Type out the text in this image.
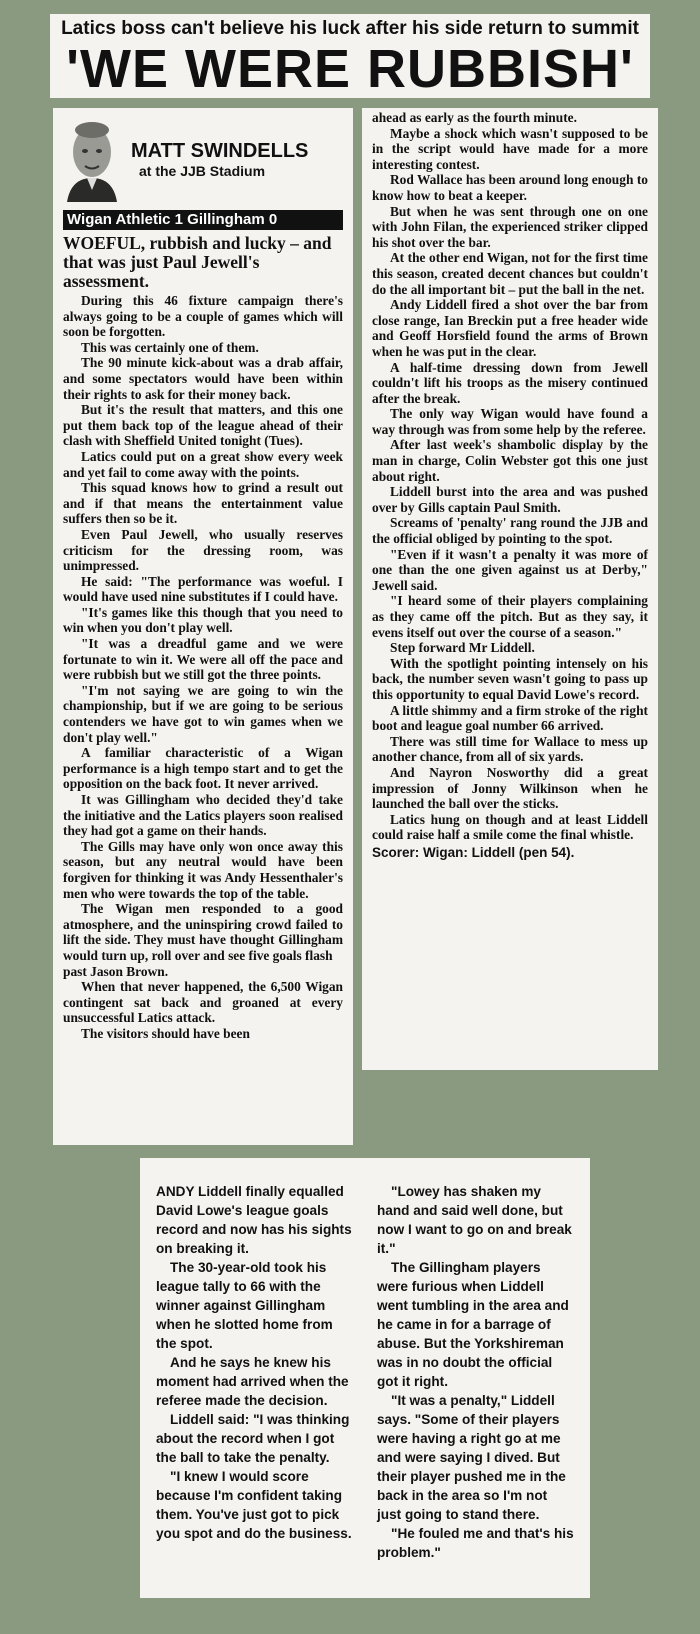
Latics boss can't believe his luck after his side return to summit
'WE WERE RUBBISH'
MATT SWINDELLS
at the JJB Stadium
Wigan Athletic 1 Gillingham 0
WOEFUL, rubbish and lucky – and that was just Paul Jewell's assessment.

During this 46 fixture campaign there's always going to be a couple of games which will soon be forgotten.

This was certainly one of them.

The 90 minute kick-about was a drab affair, and some spectators would have been within their rights to ask for their money back.

But it's the result that matters, and this one put them back top of the league ahead of their clash with Sheffield United tonight (Tues).

Latics could put on a great show every week and yet fail to come away with the points.

This squad knows how to grind a result out and if that means the entertainment value suffers then so be it.

Even Paul Jewell, who usually reserves criticism for the dressing room, was unimpressed.

He said: "The performance was woeful. I would have used nine substitutes if I could have.

"It's games like this though that you need to win when you don't play well.

"It was a dreadful game and we were fortunate to win it. We were all off the pace and were rubbish but we still got the three points.

"I'm not saying we are going to win the championship, but if we are going to be serious contenders we have got to win games when we don't play well."

A familiar characteristic of a Wigan performance is a high tempo start and to get the opposition on the back foot. It never arrived.

It was Gillingham who decided they'd take the initiative and the Latics players soon realised they had got a game on their hands.

The Gills may have only won once away this season, but any neutral would have been forgiven for thinking it was Andy Hessenthaler's men who were towards the top of the table.

The Wigan men responded to a good atmosphere, and the uninspiring crowd failed to lift the side. They must have thought Gillingham would turn up, roll over and see five goals flash

past Jason Brown.

When that never happened, the 6,500 Wigan contingent sat back and groaned at every unsuccessful Latics attack.

The visitors should have been

ahead as early as the fourth minute.

Maybe a shock which wasn't supposed to be in the script would have made for a more interesting contest.

Rod Wallace has been around long enough to know how to beat a keeper.

But when he was sent through one on one with John Filan, the experienced striker clipped his shot over the bar.

At the other end Wigan, not for the first time this season, created decent chances but couldn't do the all important bit – put the ball in the net.

Andy Liddell fired a shot over the bar from close range, Ian Breckin put a free header wide and Geoff Horsfield found the arms of Brown when he was put in the clear.

A half-time dressing down from Jewell couldn't lift his troops as the misery continued after the break.

The only way Wigan would have found a way through was from some help by the referee.

After last week's shambolic display by the man in charge, Colin Webster got this one just about right.

Liddell burst into the area and was pushed over by Gills captain Paul Smith.

Screams of 'penalty' rang round the JJB and the official obliged by pointing to the spot.

"Even if it wasn't a penalty it was more of one than the one given against us at Derby," Jewell said.

"I heard some of their players complaining as they came off the pitch. But as they say, it evens itself out over the course of a season."

Step forward Mr Liddell.

With the spotlight pointing intensely on his back, the number seven wasn't going to pass up this opportunity to equal David Lowe's record.

A little shimmy and a firm stroke of the right boot and league goal number 66 arrived.

There was still time for Wallace to mess up another chance, from all of six yards.

And Nayron Nosworthy did a great impression of Jonny Wilkinson when he launched the ball over the sticks.

Latics hung on though and at least Liddell could raise half a smile come the final whistle.

Scorer: Wigan: Liddell (pen 54).

ANDY Liddell finally equalled David Lowe's league goals record and now has his sights on breaking it.

The 30-year-old took his league tally to 66 with the winner against Gillingham when he slotted home from the spot.

And he says he knew his moment had arrived when the referee made the decision.

Liddell said: "I was thinking about the record when I got the ball to take the penalty.

"I knew I would score because I'm confident taking them. You've just got to pick you spot and do the business.

"Lowey has shaken my hand and said well done, but now I want to go on and break it."

The Gillingham players were furious when Liddell went tumbling in the area and he came in for a barrage of abuse. But the Yorkshireman was in no doubt the official got it right.

"It was a penalty," Liddell says. "Some of their players were having a right go at me and were saying I dived. But their player pushed me in the back in the area so I'm not just going to stand there.

"He fouled me and that's his problem."
